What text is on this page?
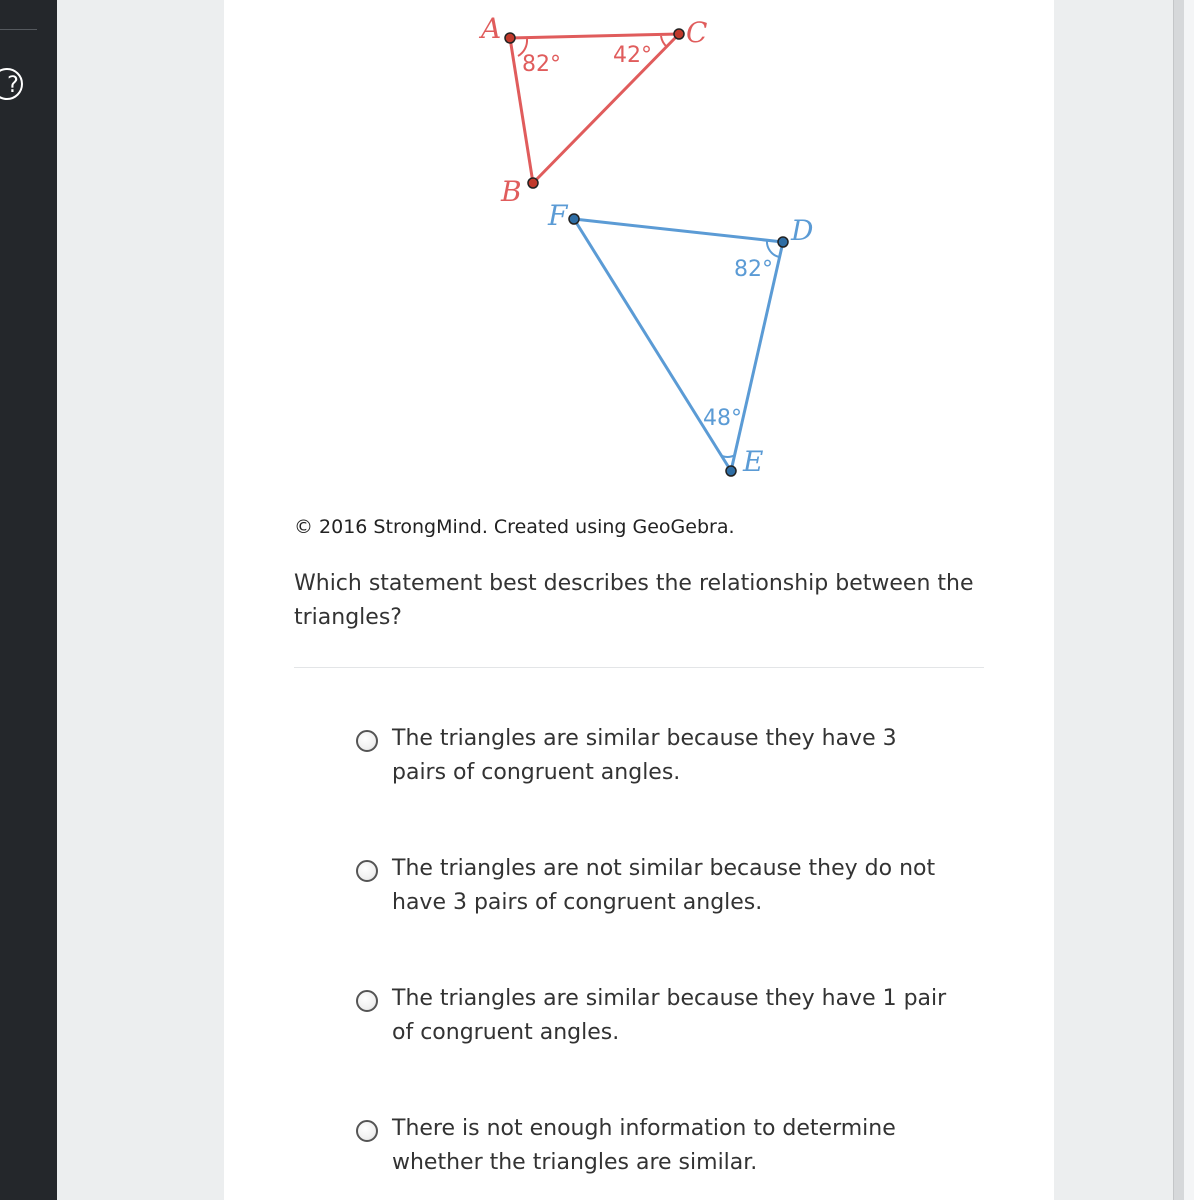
?
A	C
B
82° 42°
F	D
E
82°
48°
© 2016 StrongMind. Created using GeoGebra.
Which statement best describes the relationship between the triangles?
The triangles are similar because they have 3 pairs of congruent angles.
The triangles are not similar because they do not have 3 pairs of congruent angles.
The triangles are similar because they have 1 pair of congruent angles.
There is not enough information to determine whether the triangles are similar.
